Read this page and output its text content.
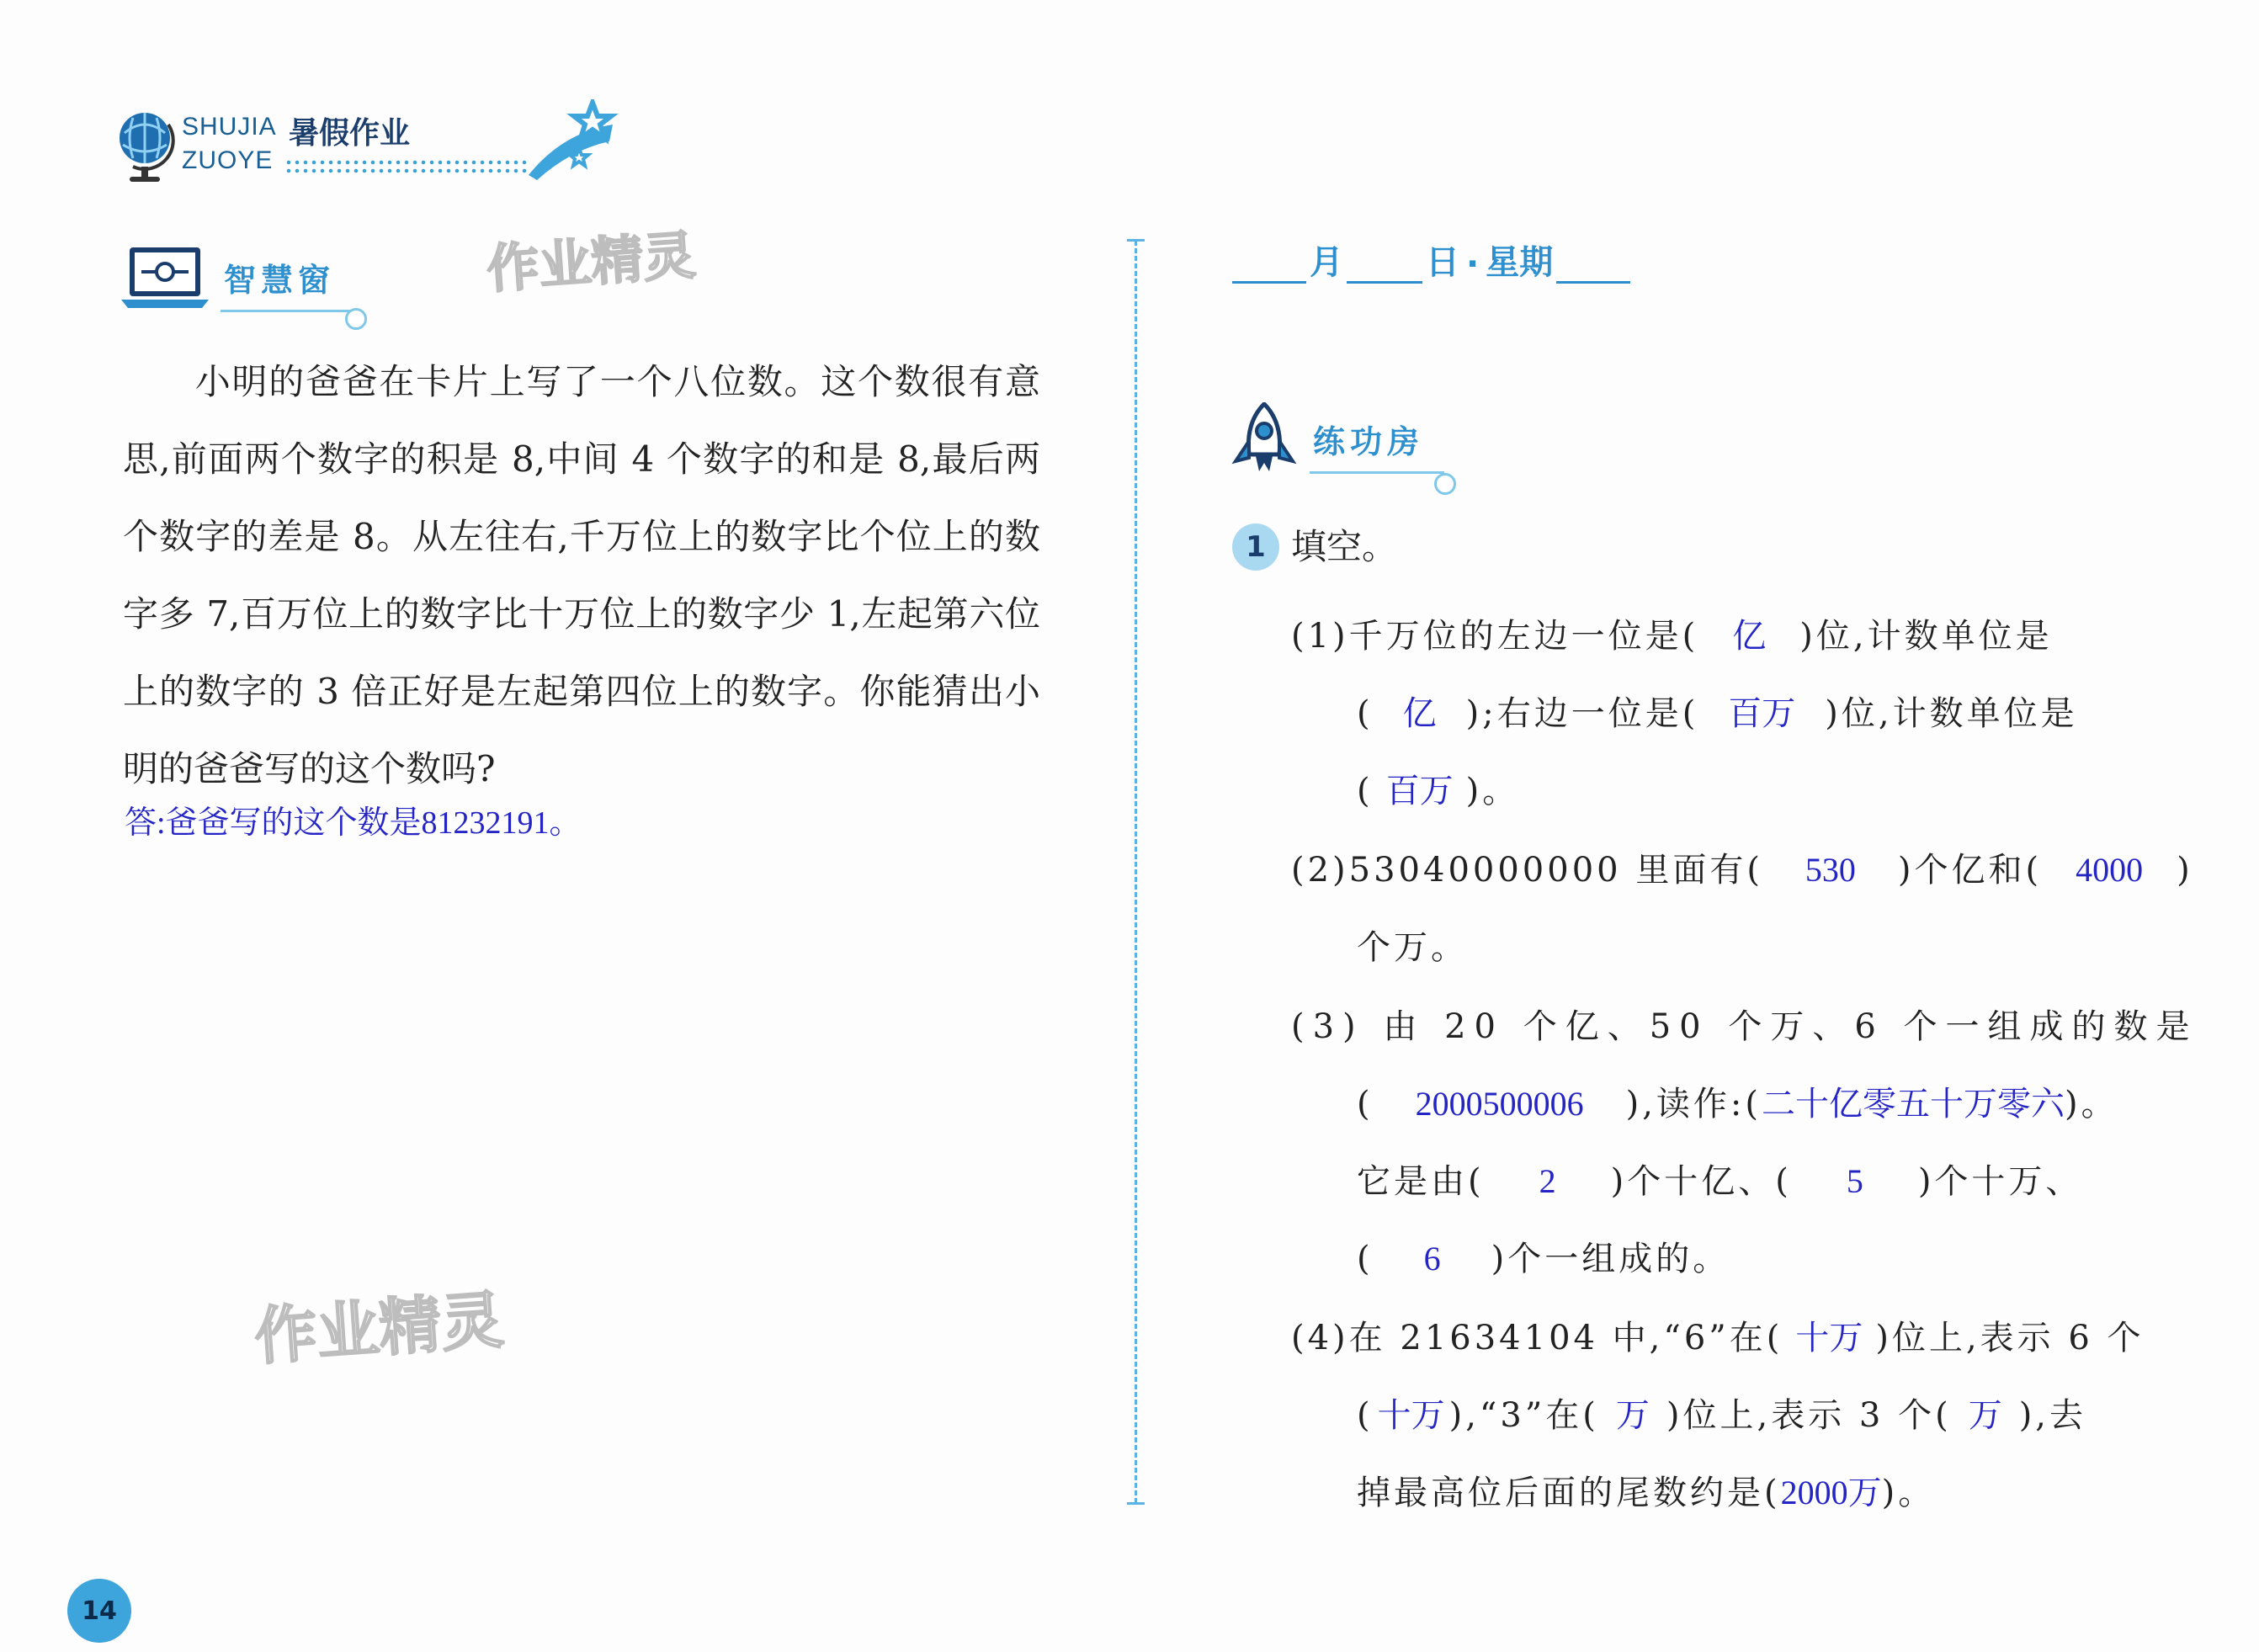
SHUJIA 暑假作业
ZUOYE
作业精灵
作业精灵
智慧窗
小明的爸爸在卡片上写了一个八位数。这个数很有意思,前面两个数字的积是 8,中间 4 个数字的和是 8,最后两个数字的差是 8。从左往右,千万位上的数字比个位上的数字多 7,百万位上的数字比十万位上的数字少 1,左起第六位上的数字的 3 倍正好是左起第四位上的数字。你能猜出小明的爸爸写的这个数吗?
答:爸爸写的这个数是81232191。
月 日 · 星期
练功房
1 填空。
(1)千万位的左边一位是( 亿 )位,计数单位是
( 亿 );右边一位是( 百万 )位,计数单位是
( 百万 )。
(2)53040000000 里面有( 530 )个亿和( 4000 )
个万。
(3) 由 20 个亿、50 个万、6 个一组成的数是
( 2000500006 ),读作:(二十亿零五十万零六)。
它是由( 2 )个十亿、( 5 )个十万、
( 6 )个一组成的。
(4)在 21634104 中,“6”在( 十万 )位上,表示 6 个
( 十万 ),“3”在( 万 )位上,表示 3 个( 万 ),去
掉最高位后面的尾数约是(2000万)。
14
